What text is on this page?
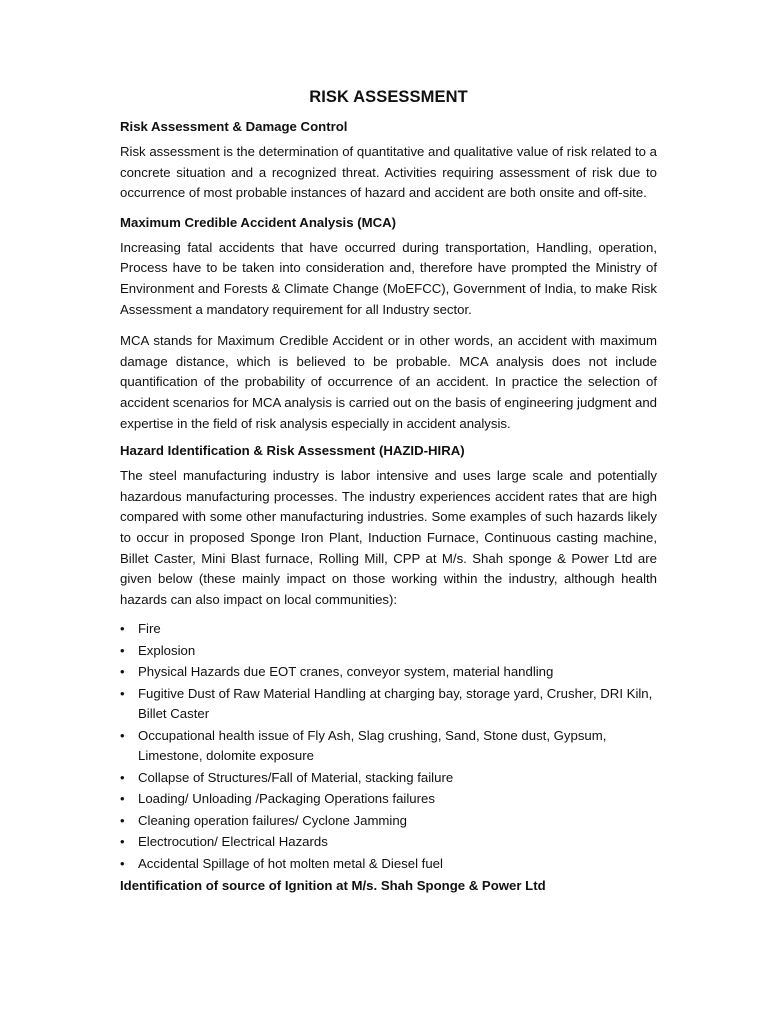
RISK ASSESSMENT
Risk Assessment & Damage Control

Risk assessment is the determination of quantitative and qualitative value of risk related to a concrete situation and a recognized threat. Activities requiring assessment of risk due to occurrence of most probable instances of hazard and accident are both onsite and off-site.

Maximum Credible Accident Analysis (MCA)

Increasing fatal accidents that have occurred during transportation, Handling, operation, Process have to be taken into consideration and, therefore have prompted the Ministry of Environment and Forests & Climate Change (MoEFCC), Government of India, to make Risk Assessment a mandatory requirement for all Industry sector.

MCA stands for Maximum Credible Accident or in other words, an accident with maximum damage distance, which is believed to be probable. MCA analysis does not include quantification of the probability of occurrence of an accident. In practice the selection of accident scenarios for MCA analysis is carried out on the basis of engineering judgment and expertise in the field of risk analysis especially in accident analysis.

Hazard Identification & Risk Assessment (HAZID-HIRA)

The steel manufacturing industry is labor intensive and uses large scale and potentially hazardous manufacturing processes. The industry experiences accident rates that are high compared with some other manufacturing industries. Some examples of such hazards likely to occur in proposed Sponge Iron Plant, Induction Furnace, Continuous casting machine, Billet Caster, Mini Blast furnace, Rolling Mill, CPP at M/s. Shah sponge & Power Ltd are given below (these mainly impact on those working within the industry, although health hazards can also impact on local communities):

• Fire
• Explosion
• Physical Hazards due EOT cranes, conveyor system, material handling
• Fugitive Dust of Raw Material Handling at charging bay, storage yard, Crusher, DRI Kiln, Billet Caster
• Occupational health issue of Fly Ash, Slag crushing, Sand, Stone dust, Gypsum, Limestone, dolomite exposure
• Collapse of Structures/Fall of Material, stacking failure
• Loading/ Unloading /Packaging Operations failures
• Cleaning operation failures/ Cyclone Jamming
• Electrocution/ Electrical Hazards
• Accidental Spillage of hot molten metal & Diesel fuel
Identification of source of Ignition at M/s. Shah Sponge & Power Ltd
